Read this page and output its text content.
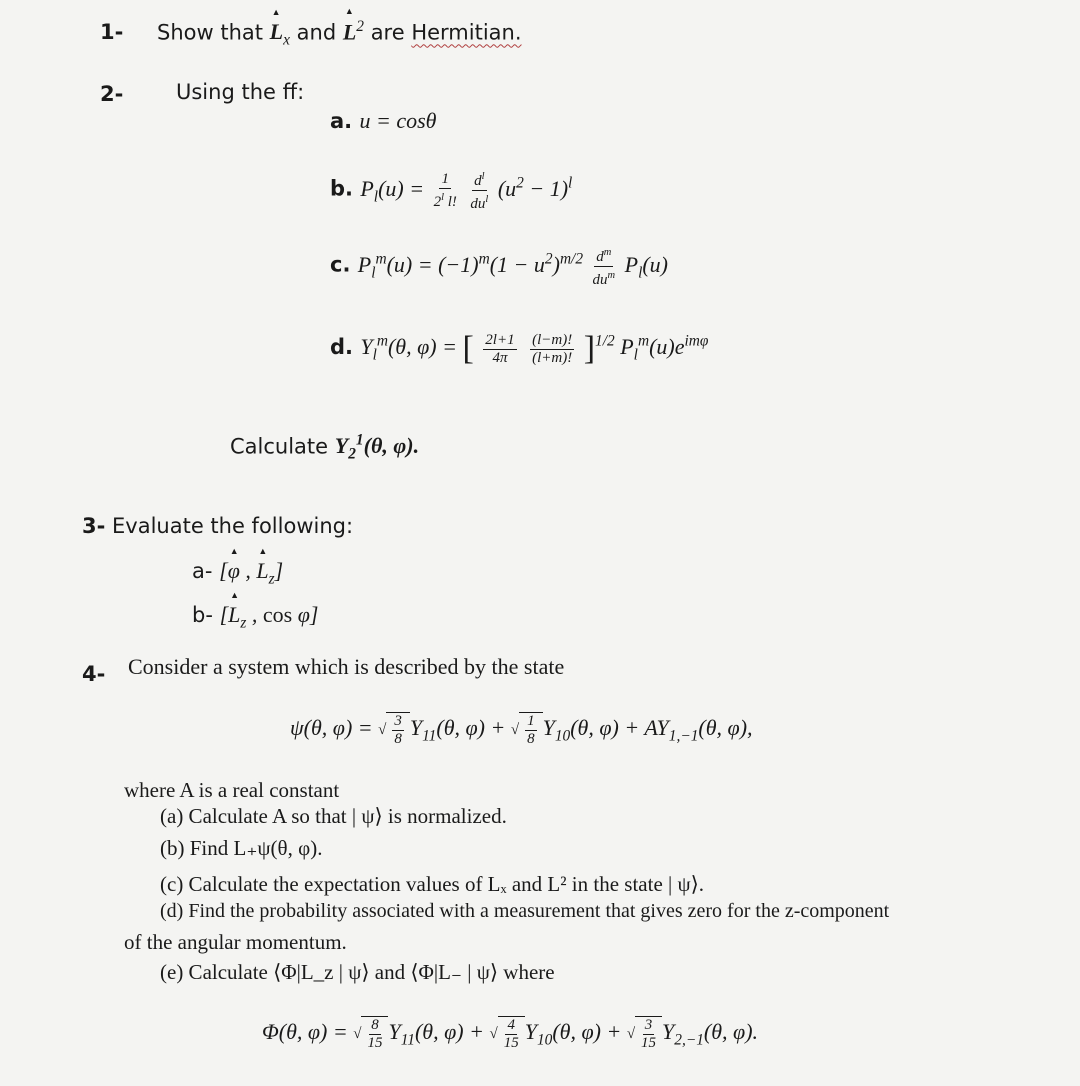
1- Show that ▲ $L_x$ and ▲ $L^2$ are Hermitian.
2-	Using the ff:
a. u = cosθ
b. $P_l(u) = \frac{1}{2^l l!}$
$\frac{d^l}{du^l} (u^2 - 1)^l$
c. $P_l^m(u) = (-1)^m(1 - u^2)^{m/2} \frac{d^m}{du^m} P_l(u)$
d. $Y_l^m(\theta$, φ) = [ $\frac{2l+1}{4\pi}$
$\frac{(l-m)!}{(l+m)!} ]^{1/2}$ $P_l^m(u)e^{im\varphi}$
Calculate $Y_2^1(\theta$, φ).
3- Evaluate the following:
a- [▲ φ , ▲ $L_z$]
b- [▲ $L_z$ , cos φ]
4- Consider a system which is described by the state
ψ(θ, φ) = √ $\frac{3}{8} Y_{11}(\theta$, φ) + √ $\frac{1}{8} Y_{10}(\theta$, $\varphi) + AY_{1,-1}(\theta$, φ),
where A is a real constant
(a) Calculate A so that | ψ⟩ is normalized.
(b) Find L₊ψ(θ, φ).
(c) Calculate the expectation values of Lₓ and L² in the state | ψ⟩.
(d) Find the probability associated with a measurement that gives zero for the z-component
of the angular momentum.
(e) Calculate ⟨Φ|L_z | ψ⟩ and ⟨Φ|L₋ | ψ⟩ where
Φ(θ, φ) = √ $\frac{8}{15} Y_{11}(\theta$, φ) + √ $\frac{4}{15} Y_{10}(\theta$, φ) + √ $\frac{3}{15} Y_{2,-1}(\theta$, φ).
